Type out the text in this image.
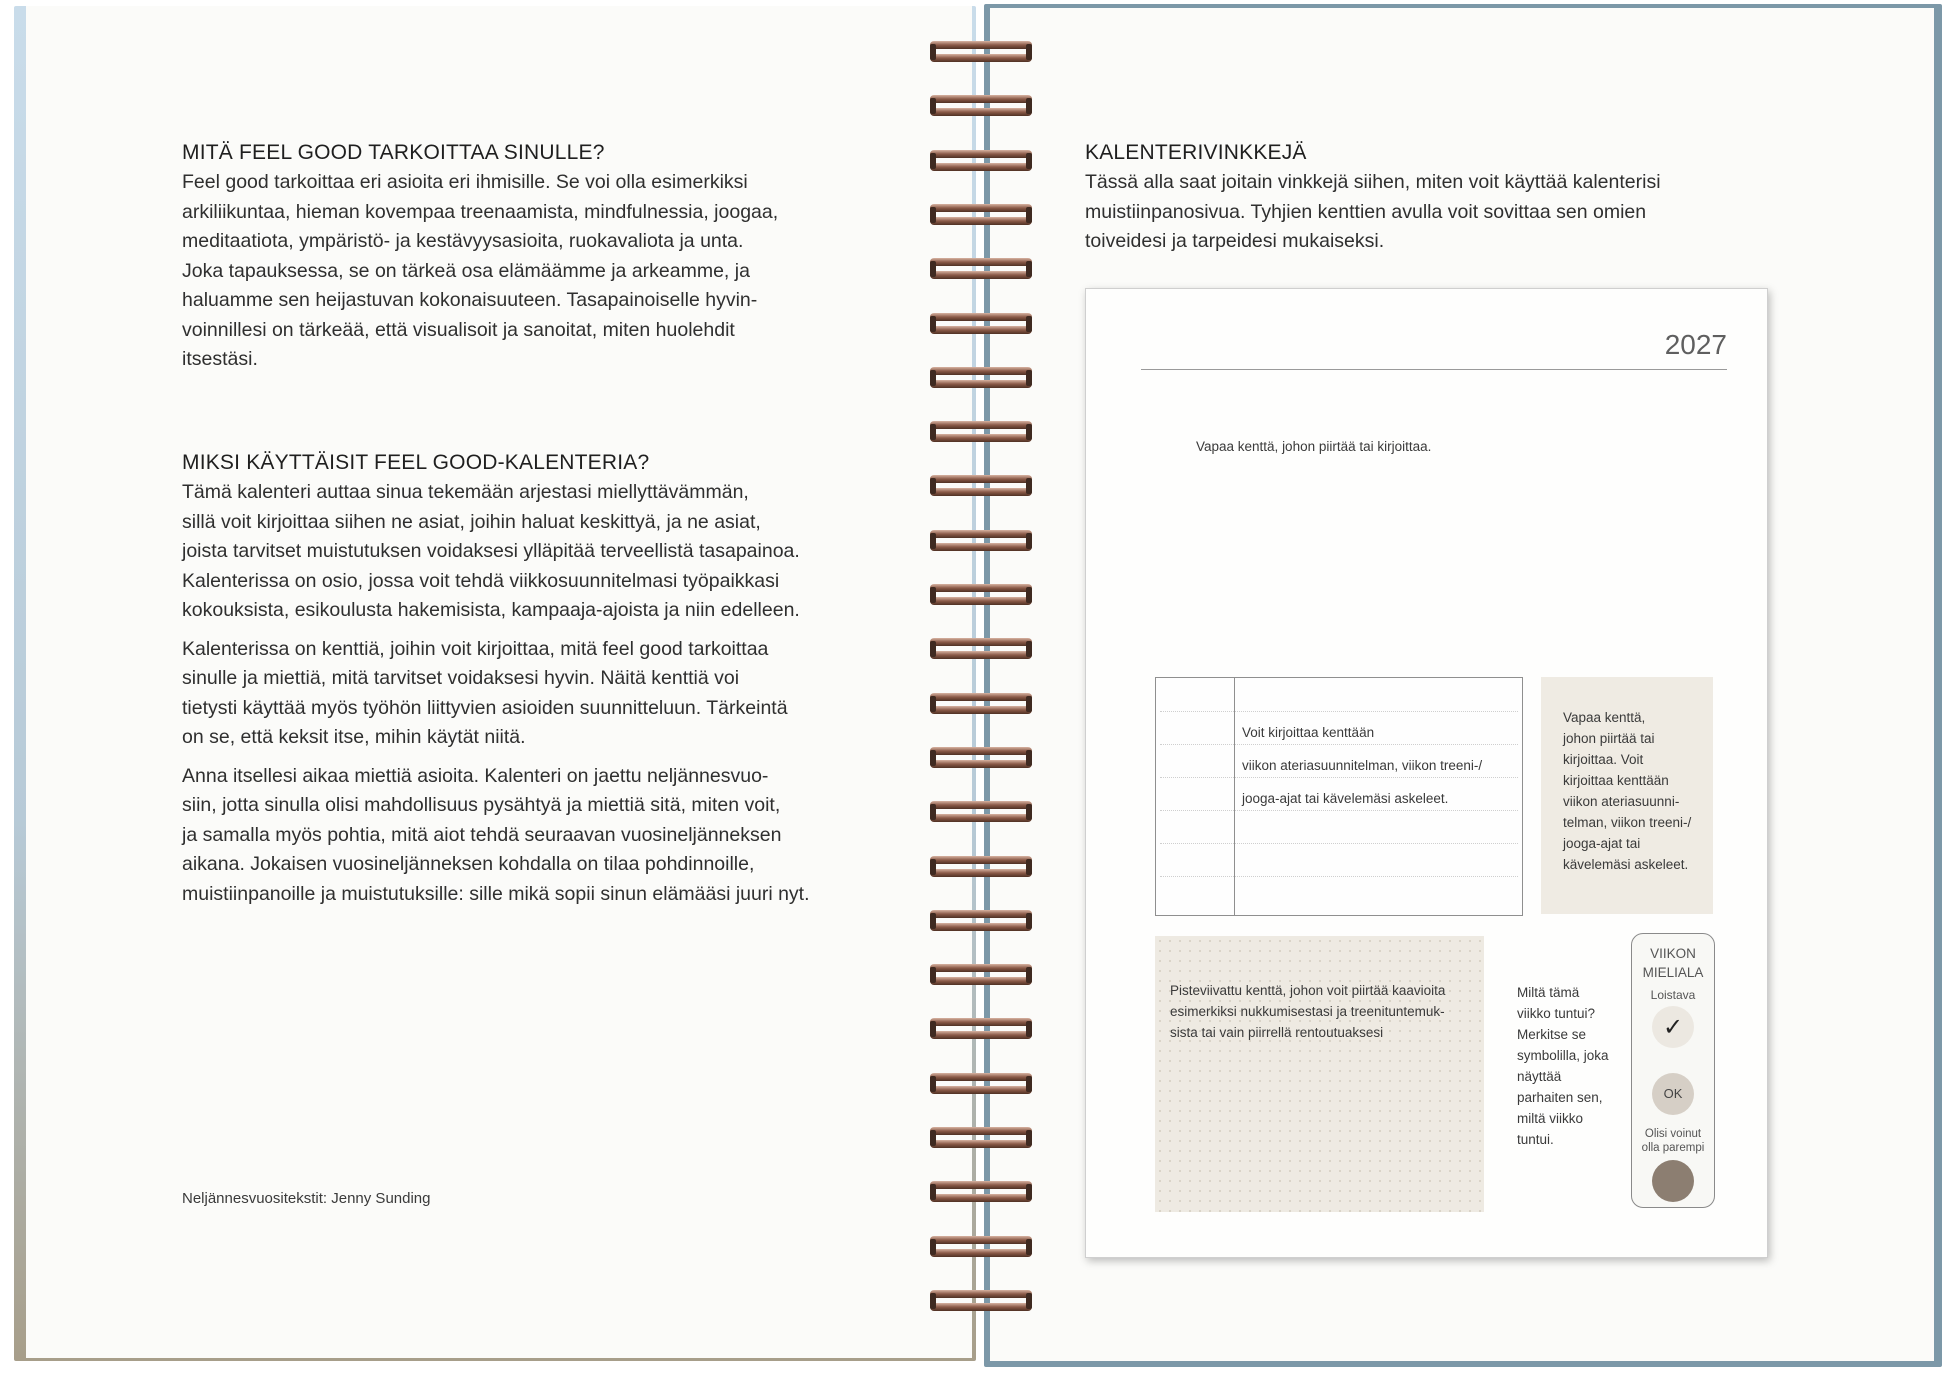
MITÄ FEEL GOOD TARKOITTAA SINULLE?

Feel good tarkoittaa eri asioita eri ihmisille. Se voi olla esimerkiksi
arkiliikuntaa, hieman kovempaa treenaamista, mindfulnessia, joogaa,
meditaatiota, ympäristö- ja kestävyysasioita, ruokavaliota ja unta.
Joka tapauksessa, se on tärkeä osa elämäämme ja arkeamme, ja
haluamme sen heijastuvan kokonaisuuteen. Tasapainoiselle hyvin-
voinnillesi on tärkeää, että visualisoit ja sanoitat, miten huolehdit
itsestäsi.

MIKSI KÄYTTÄISIT FEEL GOOD-KALENTERIA?

Tämä kalenteri auttaa sinua tekemään arjestasi miellyttävämmän,
sillä voit kirjoittaa siihen ne asiat, joihin haluat keskittyä, ja ne asiat,
joista tarvitset muistutuksen voidaksesi ylläpitää terveellistä tasapainoa.
Kalenterissa on osio, jossa voit tehdä viikkosuunnitelmasi työpaikkasi
kokouksista, esikoulusta hakemisista, kampaaja-ajoista ja niin edelleen.

Kalenterissa on kenttiä, joihin voit kirjoittaa, mitä feel good tarkoittaa
sinulle ja miettiä, mitä tarvitset voidaksesi hyvin. Näitä kenttiä voi
tietysti käyttää myös työhön liittyvien asioiden suunnitteluun. Tärkeintä
on se, että keksit itse, mihin käytät niitä.

Anna itsellesi aikaa miettiä asioita. Kalenteri on jaettu neljännesvuo-
siin, jotta sinulla olisi mahdollisuus pysähtyä ja miettiä sitä, miten voit,
ja samalla myös pohtia, mitä aiot tehdä seuraavan vuosineljänneksen
aikana. Jokaisen vuosineljänneksen kohdalla on tilaa pohdinnoille,
muistiinpanoille ja muistutuksille: sille mikä sopii sinun elämääsi juuri nyt.

Neljännesvuositekstit: Jenny Sunding
KALENTERIVINKKEJÄ

Tässä alla saat joitain vinkkejä siihen, miten voit käyttää kalenterisi
muistiinpanosivua. Tyhjien kenttien avulla voit sovittaa sen omien
toiveidesi ja tarpeidesi mukaiseksi.

2027
Vapaa kenttä, johon piirtää tai kirjoittaa.
Voit kirjoittaa kenttään
viikon ateriasuunnitelman, viikon treeni-/
jooga-ajat tai kävelemäsi askeleet.
Vapaa kenttä,
johon piirtää tai
kirjoittaa. Voit
kirjoittaa kenttään
viikon ateriasuunni-
telman, viikon treeni-/
jooga-ajat tai
kävelemäsi askeleet.
Pisteviivattu kenttä, johon voit piirtää kaavioita
esimerkiksi nukkumisestasi ja treenituntemuk-
sista tai vain piirrellä rentoutuaksesi
Miltä tämä
viikko tuntui?
Merkitse se
symbolilla, joka
näyttää
parhaiten sen,
miltä viikko
tuntui.
VIIKON
MIELIALA
Loistava
✓
OK
Olisi voinut
olla parempi
